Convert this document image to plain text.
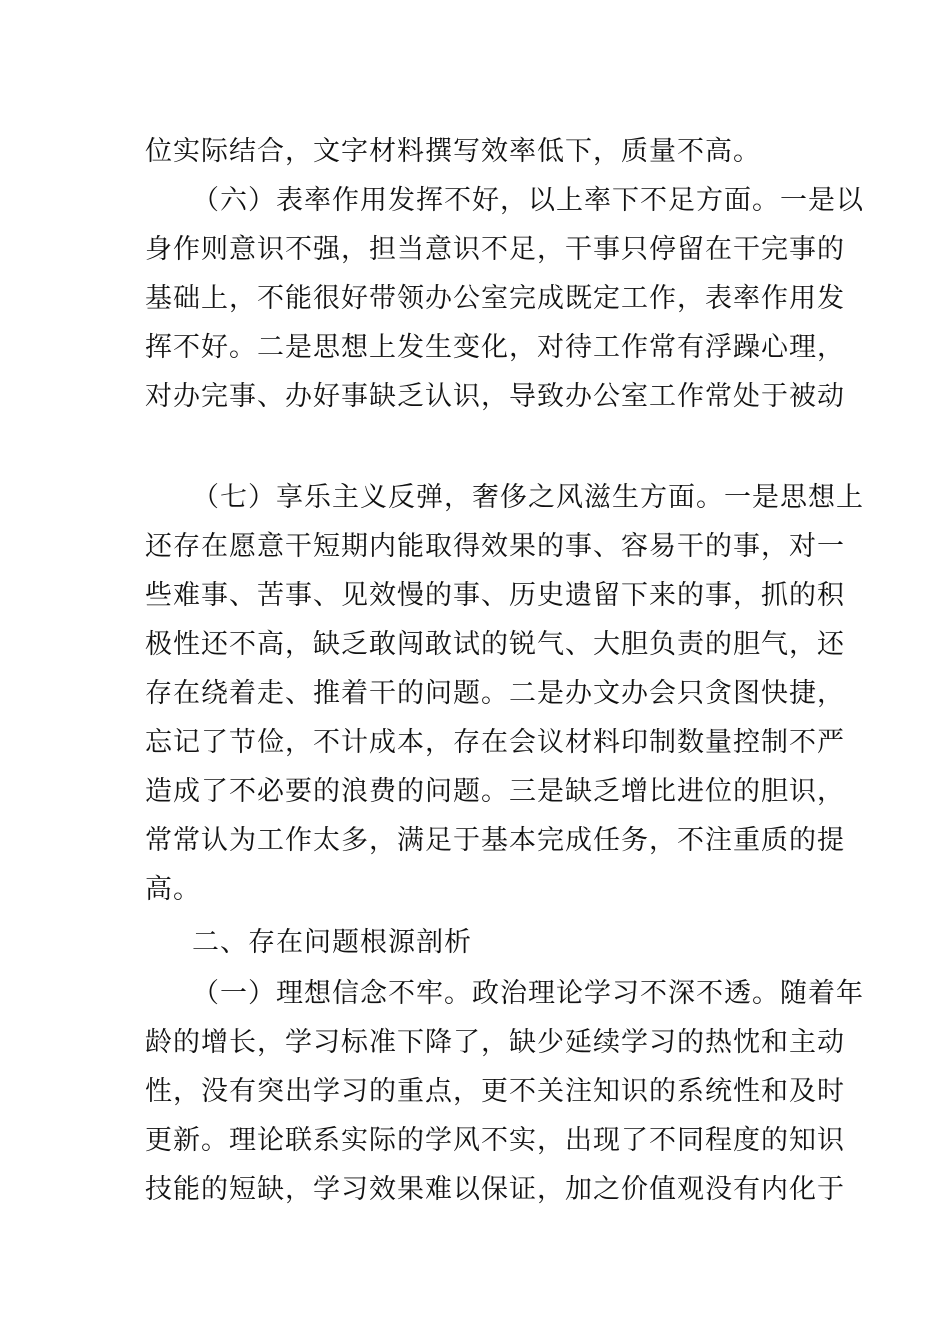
位实际结合，文字材料撰写效率低下，质量不高。
（六）表率作用发挥不好，以上率下不足方面。一是以
身作则意识不强，担当意识不足，干事只停留在干完事的
基础上，不能很好带领办公室完成既定工作，表率作用发
挥不好。二是思想上发生变化，对待工作常有浮躁心理，
对办完事、办好事缺乏认识，导致办公室工作常处于被动
（七）享乐主义反弹，奢侈之风滋生方面。一是思想上
还存在愿意干短期内能取得效果的事、容易干的事，对一
些难事、苦事、见效慢的事、历史遗留下来的事，抓的积
极性还不高，缺乏敢闯敢试的锐气、大胆负责的胆气，还
存在绕着走、推着干的问题。二是办文办会只贪图快捷，
忘记了节俭，不计成本，存在会议材料印制数量控制不严
造成了不必要的浪费的问题。三是缺乏增比进位的胆识，
常常认为工作太多，满足于基本完成任务，不注重质的提
高。
二、存在问题根源剖析
（一）理想信念不牢。政治理论学习不深不透。随着年
龄的增长，学习标准下降了，缺少延续学习的热忱和主动
性，没有突出学习的重点，更不关注知识的系统性和及时
更新。理论联系实际的学风不实，出现了不同程度的知识
技能的短缺，学习效果难以保证，加之价值观没有内化于
